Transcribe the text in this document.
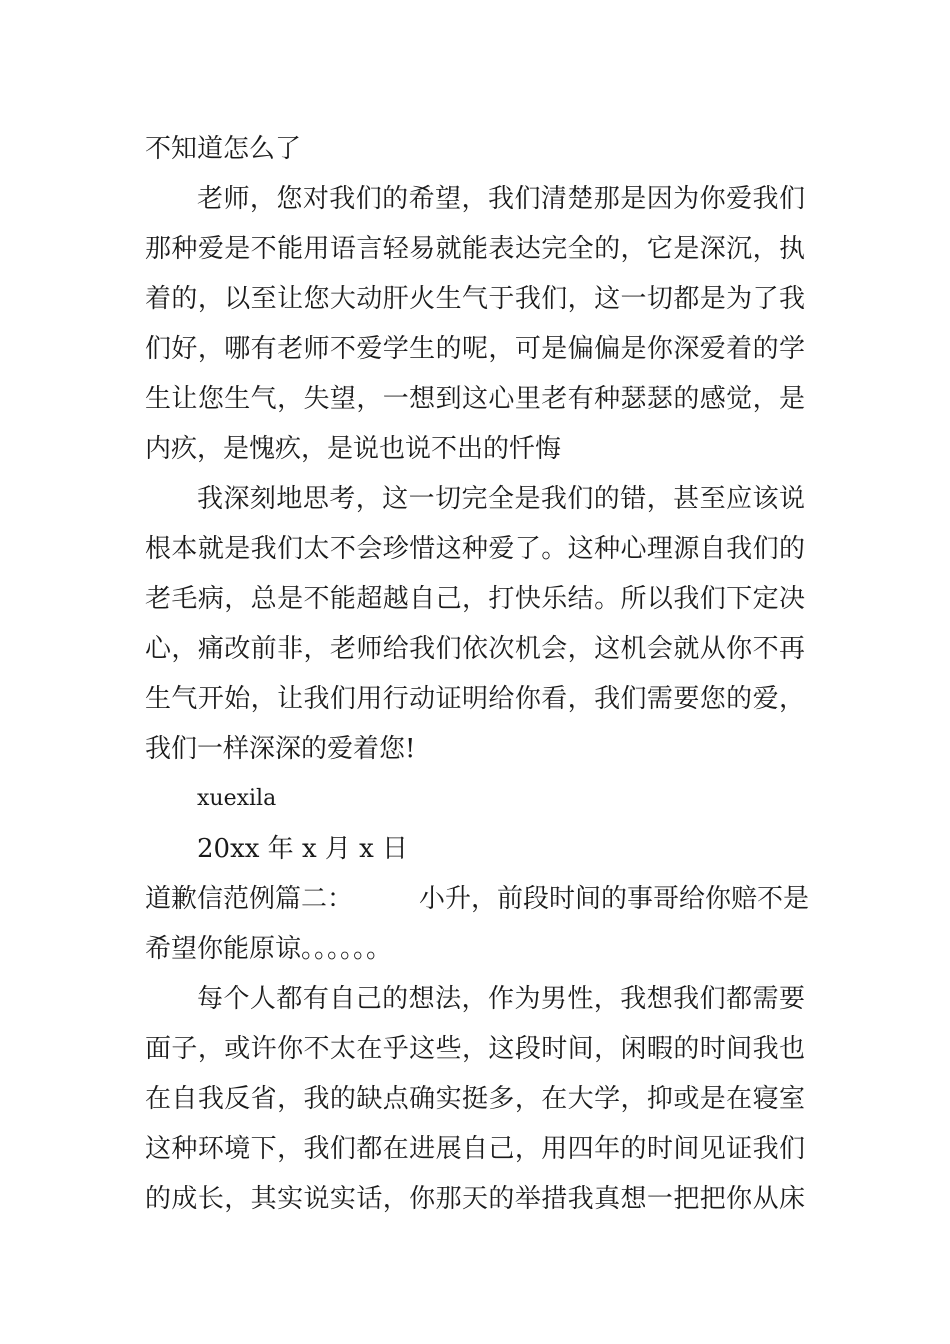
不知道怎么了
老师，您对我们的希望，我们清楚那是因为你爱我们
那种爱是不能用语言轻易就能表达完全的，它是深沉，执
着的，以至让您大动肝火生气于我们，这一切都是为了我
们好，哪有老师不爱学生的呢，可是偏偏是你深爱着的学
生让您生气，失望，一想到这心里老有种瑟瑟的感觉，是
内疚，是愧疚，是说也说不出的忏悔
我深刻地思考，这一切完全是我们的错，甚至应该说
根本就是我们太不会珍惜这种爱了。这种心理源自我们的
老毛病，总是不能超越自己，打快乐结。所以我们下定决
心，痛改前非，老师给我们依次机会，这机会就从你不再
生气开始，让我们用行动证明给你看，我们需要您的爱，
我们一样深深的爱着您!
xuexila
20xx 年 x 月 x 日
道歉信范例篇二：	小升，前段时间的事哥给你赔不是
希望你能原谅。。。。。。
每个人都有自己的想法，作为男性，我想我们都需要
面子，或许你不太在乎这些，这段时间，闲暇的时间我也
在自我反省，我的缺点确实挺多，在大学，抑或是在寝室
这种环境下，我们都在进展自己，用四年的时间见证我们
的成长，其实说实话，你那天的举措我真想一把把你从床
